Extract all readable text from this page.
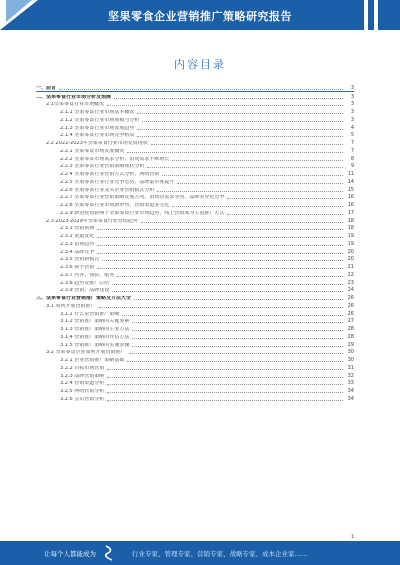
坚果零食企业营销推广策略研究报告
内容目录
一、前言	3
二、坚果零食行业市场分析及预测	3
2.1坚果零食行业市场概况	3
2.1.1 坚果零食行业市场基本概况	3
2.1.2 坚果零食行业市场规模与分析	3
2.1.3 坚果零食行业市场发展趋势	4
2.1.4 坚果零食行业市场竞争格局	5
2.2 2022-2023年坚果零食行业市场发展现状	7
2.2.1 坚果零食市场发展概况	7
2.2.2 坚果零食市场需求分析，消费需求不断增长	8
2.2.3 坚果零食行业营销策略现状分析	9
2.2.4 坚果零食行业营销方式分析，网络营销	11
2.2.5 坚果零食行业行业竞争态势，品牌集中度提升	14
2.2.6 坚果零食行业龙头企业营销模式分析	15
2.2.7 坚果零食行业营销策略发展方向，消费者需求导向，品牌差异化竞争	16
2.2.8 坚果零食行业市场新形势，营销渠道多元化	16
2.2.9 新冠疫情影响下坚果零食行业市场趋势，线上营销成为主流推广方式	17
2.3 2023-2029年坚果零食行业营销趋势	18
2.3.1 营销预测	18
2.3.2 渠道变化	19
2.3.3 消费趋势	19
2.3.4 品牌竞争	20
2.3.5 营销新模式	20
2.3.6 数字营销	21
2.3.7 内容、体验、服务	22
2.3.8 趋势及推广总结	23
2.3.9 营销、品牌建设	24
三、坚果零食行业营销推广策略及方法大全	26
3.1 如何开展营销推广	26
3.1.1 什么是营销推广策略	26
3.1.2 营销推广策略的关键要素	27
3.1.3 营销推广策略的主要方法	28
3.1.4 营销推广策略的评估方法	28
3.1.5 营销推广策略的实施步骤	29
3.2 坚果零食企业如何开展营销推广	30
3.2.1 企业营销推广策略基础	30
3.2.2 目标市场营销	31
3.2.3 品牌营销策略	32
3.2.4 营销渠道分析	33
3.2.5 网络营销分析	34
3.2.6 会员营销分析	34
1
让每个人都能成为	行业专家、管理专家、营销专家、战略专家、成本企业家……
